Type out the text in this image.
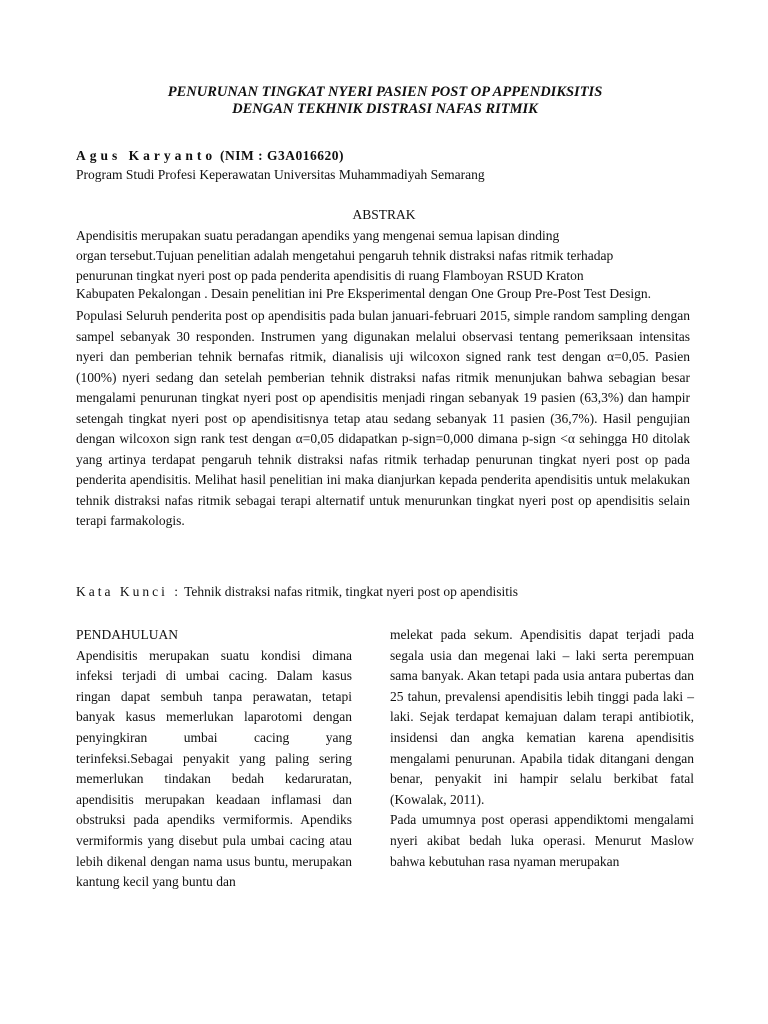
PENURUNAN TINGKAT NYERI PASIEN POST OP APPENDIKSITIS
DENGAN TEKHNIK DISTRASI NAFAS RITMIK
Agus Karyanto (NIM : G3A016620)
Program Studi Profesi Keperawatan Universitas Muhammadiyah Semarang
ABSTRAK

Apendisitis merupakan suatu peradangan apendiks yang mengenai semua lapisan dinding

organ tersebut.Tujuan penelitian adalah mengetahui pengaruh tehnik distraksi nafas ritmik terhadap

penurunan tingkat nyeri post op pada penderita apendisitis di ruang Flamboyan RSUD Kraton

Kabupaten Pekalongan . Desain penelitian ini Pre Eksperimental dengan One Group Pre-Post Test Design.

Populasi Seluruh penderita post op apendisitis pada bulan januari-februari 2015, simple random sampling dengan sampel sebanyak 30 responden. Instrumen yang digunakan melalui observasi tentang pemeriksaan intensitas nyeri dan pemberian tehnik bernafas ritmik, dianalisis uji wilcoxon signed rank test dengan α=0,05. Pasien (100%) nyeri sedang dan setelah pemberian tehnik distraksi nafas ritmik menunjukan bahwa sebagian besar mengalami penurunan tingkat nyeri post op apendisitis menjadi ringan sebanyak 19 pasien (63,3%) dan hampir setengah tingkat nyeri post op apendisitisnya tetap atau sedang sebanyak 11 pasien (36,7%). Hasil pengujian dengan wilcoxon sign rank test dengan α=0,05 didapatkan p-sign=0,000 dimana p-sign <α sehingga H0 ditolak yang artinya terdapat pengaruh tehnik distraksi nafas ritmik terhadap penurunan tingkat nyeri post op pada penderita apendisitis. Melihat hasil penelitian ini maka dianjurkan kepada penderita apendisitis untuk melakukan tehnik distraksi nafas ritmik sebagai terapi alternatif untuk menurunkan tingkat nyeri post op apendisitis selain terapi farmakologis.

Kata Kunci : Tehnik distraksi nafas ritmik, tingkat nyeri post op apendisitis

PENDAHULUAN

Apendisitis merupakan suatu kondisi dimana infeksi terjadi di umbai cacing. Dalam kasus ringan dapat sembuh tanpa perawatan, tetapi banyak kasus memerlukan laparotomi dengan penyingkiran umbai cacing yang terinfeksi.Sebagai penyakit yang paling sering memerlukan tindakan bedah kedaruratan, apendisitis merupakan keadaan inflamasi dan obstruksi pada apendiks vermiformis. Apendiks vermiformis yang disebut pula umbai cacing atau lebih dikenal dengan nama usus buntu, merupakan kantung kecil yang buntu dan

melekat pada sekum. Apendisitis dapat terjadi pada segala usia dan megenai laki – laki serta perempuan sama banyak. Akan tetapi pada usia antara pubertas dan 25 tahun, prevalensi apendisitis lebih tinggi pada laki – laki. Sejak terdapat kemajuan dalam terapi antibiotik, insidensi dan angka kematian karena apendisitis mengalami penurunan. Apabila tidak ditangani dengan benar, penyakit ini hampir selalu berkibat fatal (Kowalak, 2011).

Pada umumnya post operasi appendiktomi mengalami nyeri akibat bedah luka operasi. Menurut Maslow bahwa kebutuhan rasa nyaman merupakan
